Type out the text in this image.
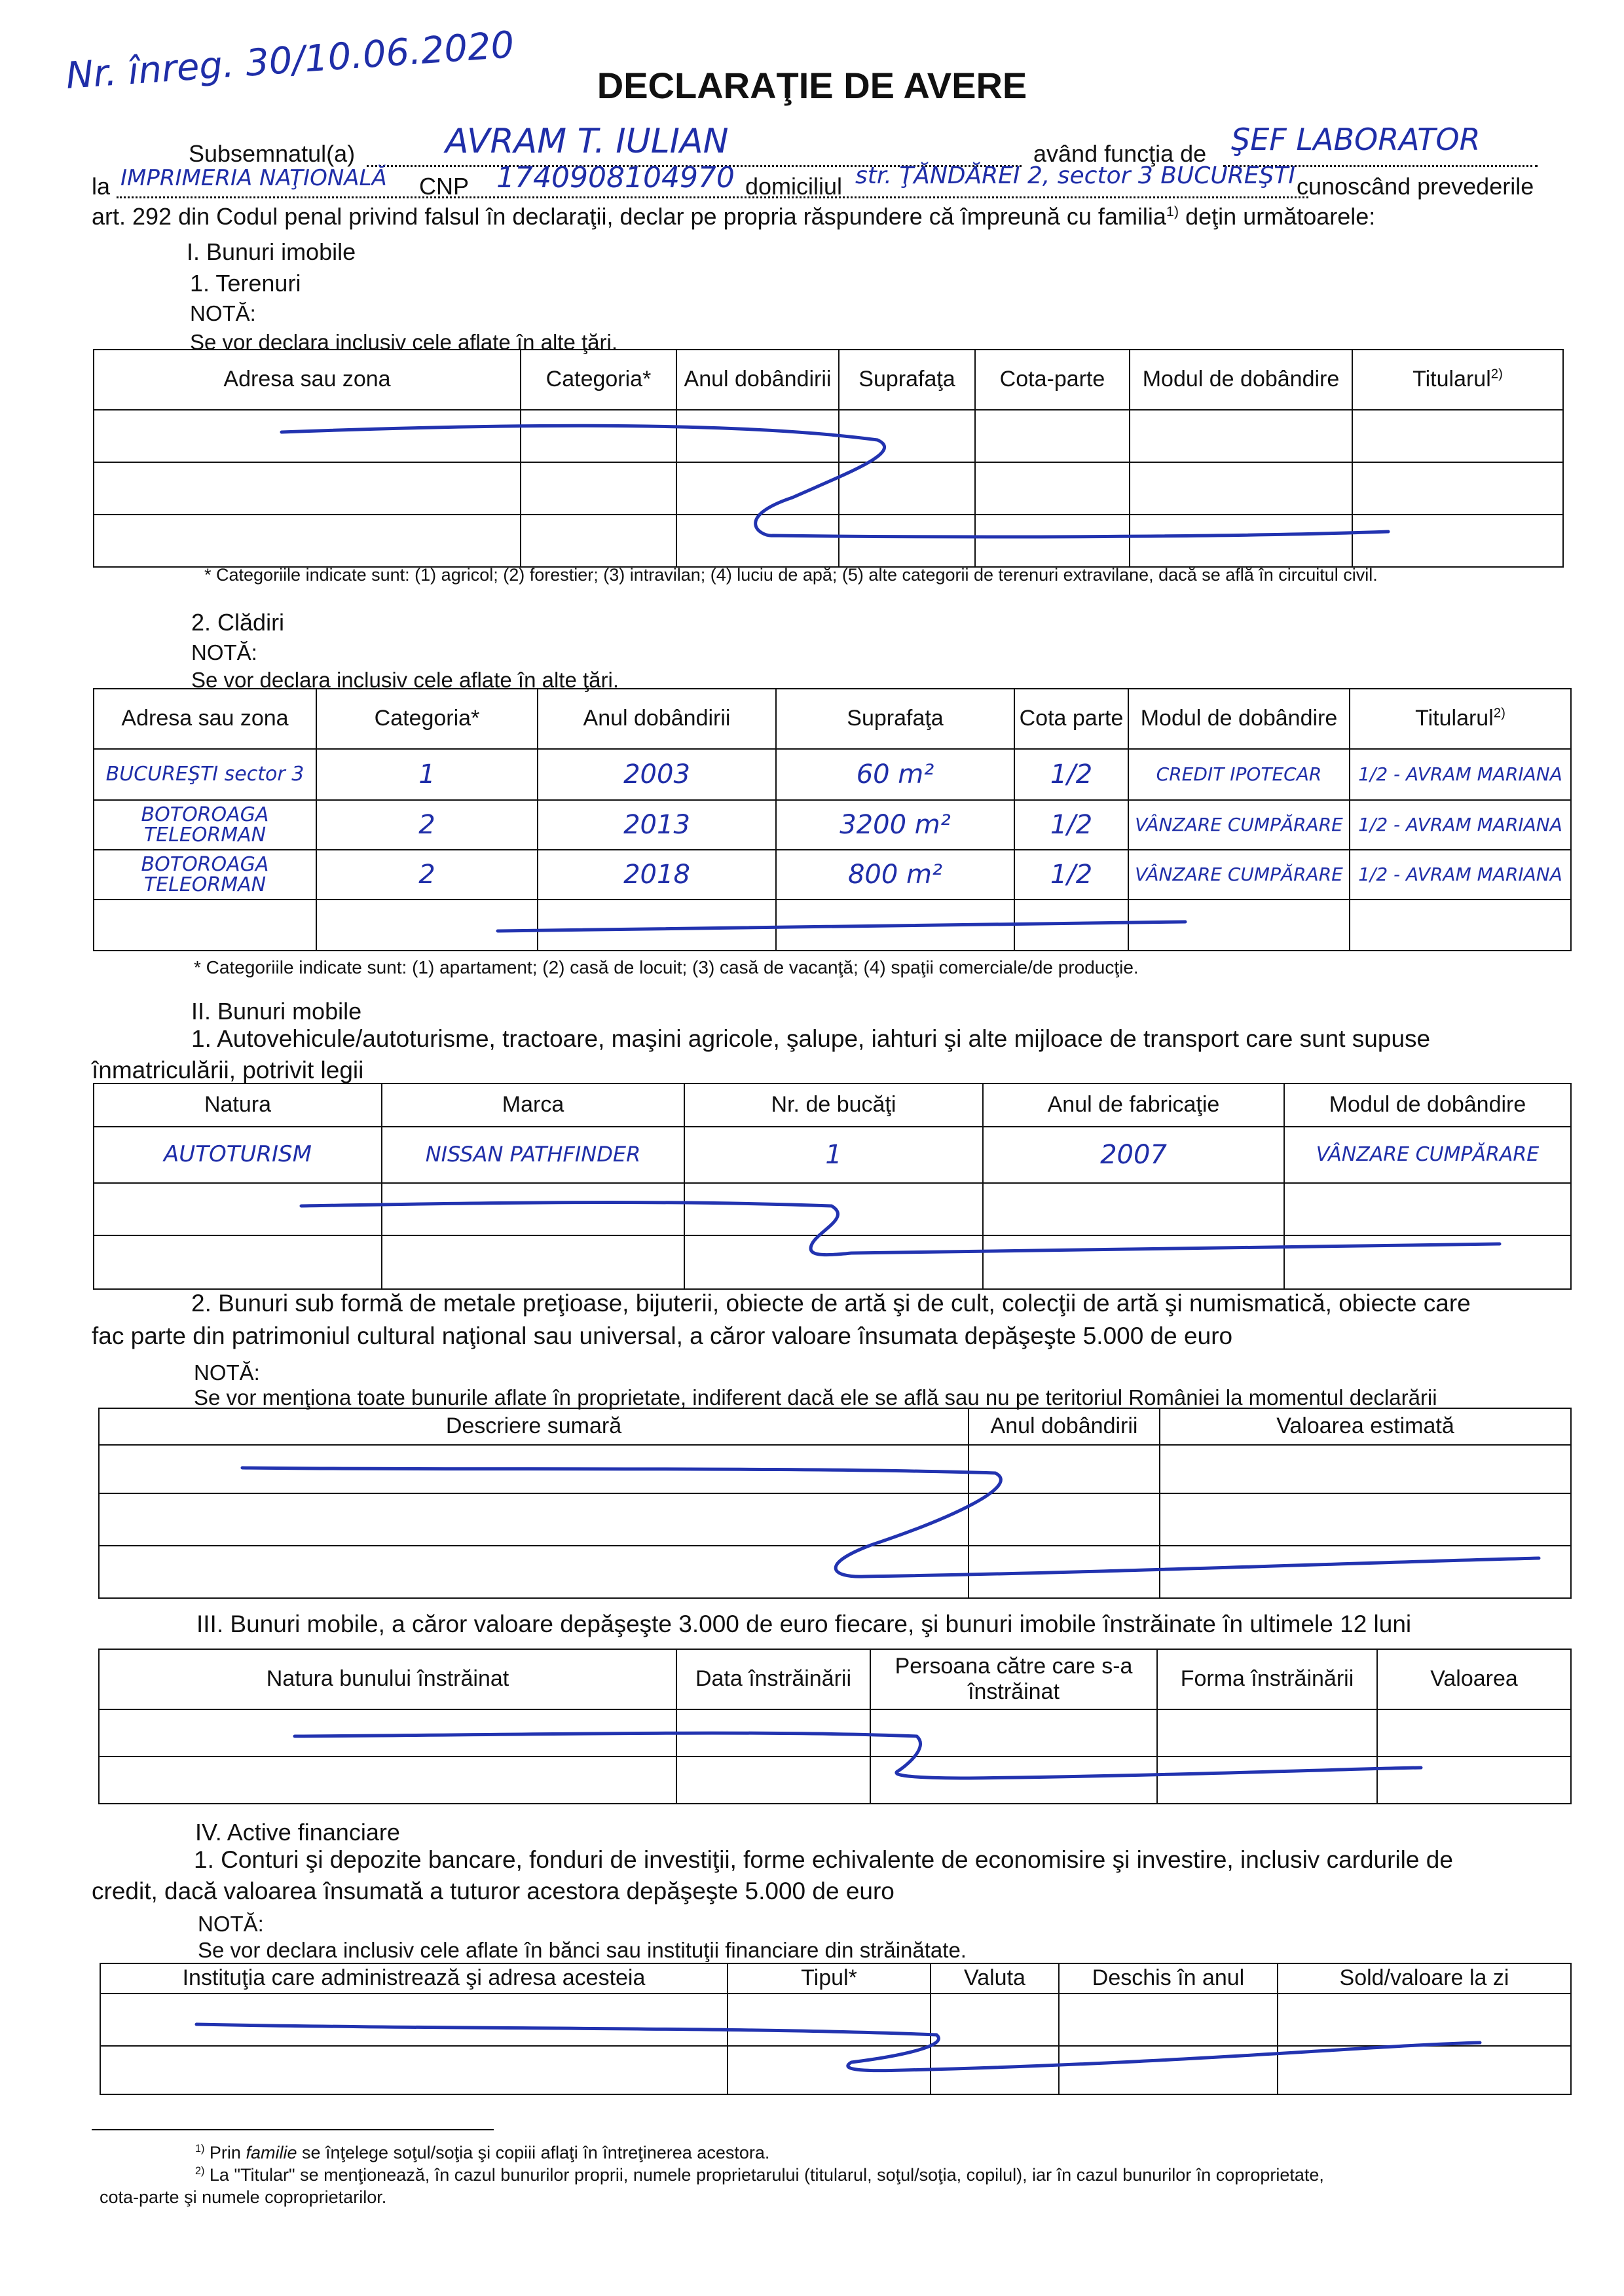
Nr. înreg. 30/10.06.2020	DECLARAŢIE DE AVERE
Subsemnatul(a)	AVRAM T. IULIAN	având funcţia de ŞEF LABORATOR
la IMPRIMERIA NAŢIONALĂ CNP 1740908104970 domiciliul str. ŢĂNDĂREI 2, sector 3 BUCUREŞTI cunoscând prevederile
art. 292 din Codul penal privind falsul în declaraţii, declar pe propria răspundere că împreună cu familia$^{1)}$ deţin următoarele:
I. Bunuri imobile
1. Terenuri
NOTĂ:
Se vor declara inclusiv cele aflate în alte ţări.
Adresa sau zona	Categoria*	Anul dobândirii	Suprafaţa	Cota-parte	Modul de dobândire	Titularul$^{2)}$

* Categoriile indicate sunt: (1) agricol; (2) forestier; (3) intravilan; (4) luciu de apă; (5) alte categorii de terenuri extravilane, dacă se află în circuitul civil.
2. Clădiri
NOTĂ:
Se vor declara inclusiv cele aflate în alte ţări.
Adresa sau zona	Categoria*	Anul dobândirii	Suprafaţa	Cota parte	Modul de dobândire	Titularul$^{2)}$
BUCUREŞTI sector 3	1	2003	60 m²	1/2	CREDIT IPOTECAR	1/2 - AVRAM MARIANA
BOTOROAGA TELEORMAN	2	2013	3200 m²	1/2	VÂNZARE CUMPĂRARE	1/2 - AVRAM MARIANA
BOTOROAGA TELEORMAN	2	2018	800 m²	1/2	VÂNZARE CUMPĂRARE	1/2 - AVRAM MARIANA

* Categoriile indicate sunt: (1) apartament; (2) casă de locuit; (3) casă de vacanţă; (4) spaţii comerciale/de producţie.
II. Bunuri mobile
1. Autovehicule/autoturisme, tractoare, maşini agricole, şalupe, iahturi şi alte mijloace de transport care sunt supuse
înmatriculării, potrivit legii
Natura	Marca	Nr. de bucăţi	Anul de fabricaţie	Modul de dobândire
AUTOTURISM	NISSAN PATHFINDER	1	2007	VÂNZARE CUMPĂRARE

2. Bunuri sub formă de metale preţioase, bijuterii, obiecte de artă şi de cult, colecţii de artă şi numismatică, obiecte care
fac parte din patrimoniul cultural naţional sau universal, a căror valoare însumata depăşeşte 5.000 de euro
NOTĂ:
Se vor menţiona toate bunurile aflate în proprietate, indiferent dacă ele se află sau nu pe teritoriul României la momentul declarării
Descriere sumară	Anul dobândirii	Valoarea estimată

III. Bunuri mobile, a căror valoare depăşeşte 3.000 de euro fiecare, şi bunuri imobile înstrăinate în ultimele 12 luni
Natura bunului înstrăinat	Data înstrăinării	Persoana către care s-a înstrăinat	Forma înstrăinării	Valoarea

IV. Active financiare
1. Conturi şi depozite bancare, fonduri de investiţii, forme echivalente de economisire şi investire, inclusiv cardurile de
credit, dacă valoarea însumată a tuturor acestora depăşeşte 5.000 de euro
NOTĂ:
Se vor declara inclusiv cele aflate în bănci sau instituţii financiare din străinătate.
Instituţia care administrează şi adresa acesteia	Tipul*	Valuta	Deschis în anul	Sold/valoare la zi

$^{1)}$ Prin familie se înţelege soţul/soţia şi copiii aflaţi în întreţinerea acestora.
$^{2)}$ La "Titular" se menţionează, în cazul bunurilor proprii, numele proprietarului (titularul, soţul/soţia, copilul), iar în cazul bunurilor în coproprietate,
cota-parte şi numele coproprietarilor.
